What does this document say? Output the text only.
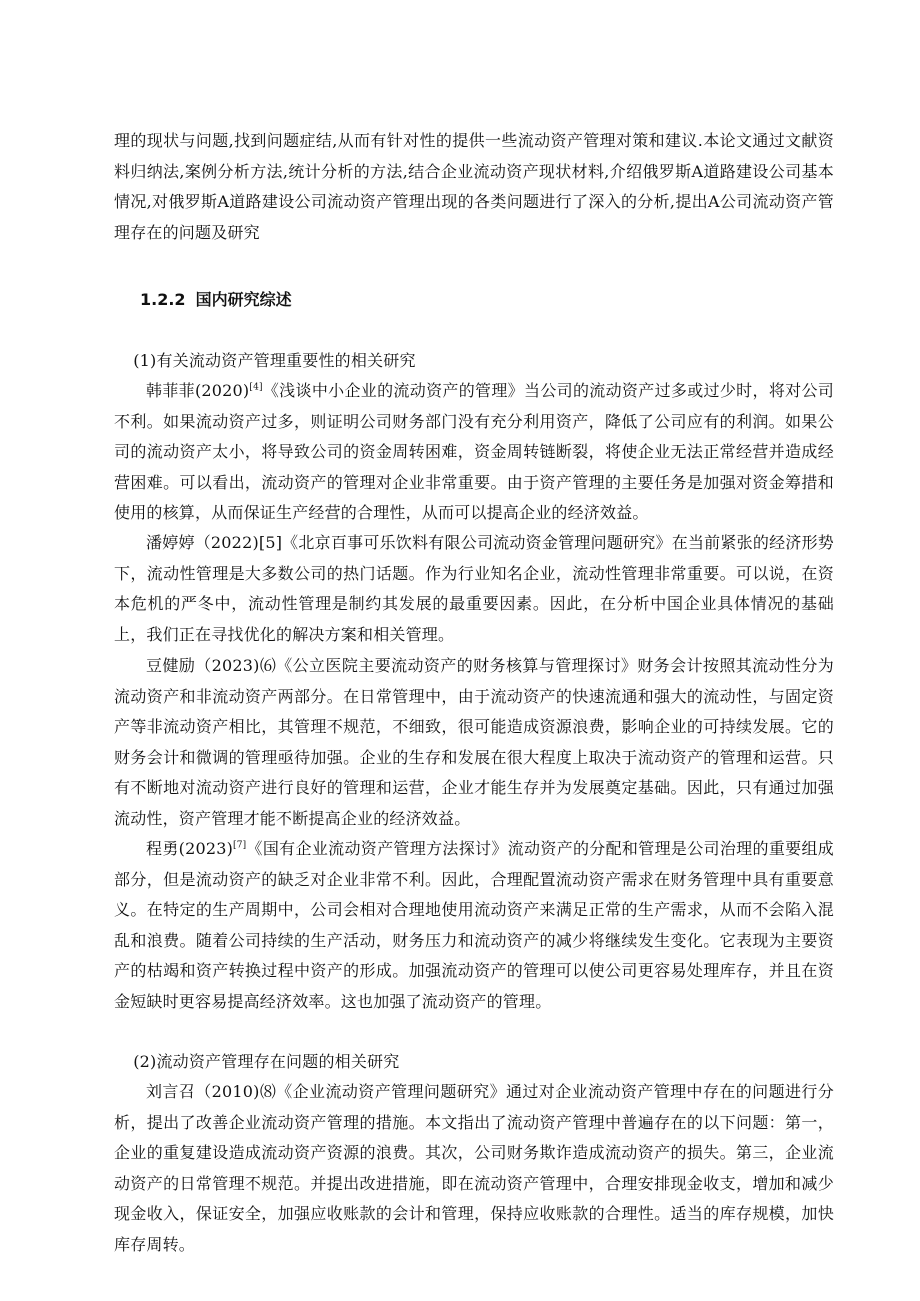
理的现状与问题,找到问题症结,从而有针对性的提供一些流动资产管理对策和建议.本论文通过文献资料归纳法,案例分析方法,统计分析的方法,结合企业流动资产现状材料,介绍俄罗斯A道路建设公司基本情况,对俄罗斯A道路建设公司流动资产管理出现的各类问题进行了深入的分析,提出A公司流动资产管理存在的问题及研究
1.2.2 国内研究综述
(1)有关流动资产管理重要性的相关研究
韩菲菲(2020)[4]《浅谈中小企业的流动资产的管理》当公司的流动资产过多或过少时，将对公司不利。如果流动资产过多，则证明公司财务部门没有充分利用资产，降低了公司应有的利润。如果公司的流动资产太小，将导致公司的资金周转困难，资金周转链断裂，将使企业无法正常经营并造成经营困难。可以看出，流动资产的管理对企业非常重要。由于资产管理的主要任务是加强对资金筹措和使用的核算，从而保证生产经营的合理性，从而可以提高企业的经济效益。
潘婷婷（2022)[5]《北京百事可乐饮料有限公司流动资金管理问题研究》在当前紧张的经济形势下，流动性管理是大多数公司的热门话题。作为行业知名企业，流动性管理非常重要。可以说，在资本危机的严冬中，流动性管理是制约其发展的最重要因素。因此，在分析中国企业具体情况的基础上，我们正在寻找优化的解决方案和相关管理。
豆健励（2023)⑹《公立医院主要流动资产的财务核算与管理探讨》财务会计按照其流动性分为流动资产和非流动资产两部分。在日常管理中，由于流动资产的快速流通和强大的流动性，与固定资产等非流动资产相比，其管理不规范，不细致，很可能造成资源浪费，影响企业的可持续发展。它的财务会计和微调的管理亟待加强。企业的生存和发展在很大程度上取决于流动资产的管理和运营。只有不断地对流动资产进行良好的管理和运营，企业才能生存并为发展奠定基础。因此，只有通过加强流动性，资产管理才能不断提高企业的经济效益。
程勇(2023)[7]《国有企业流动资产管理方法探讨》流动资产的分配和管理是公司治理的重要组成部分，但是流动资产的缺乏对企业非常不利。因此，合理配置流动资产需求在财务管理中具有重要意义。在特定的生产周期中，公司会相对合理地使用流动资产来满足正常的生产需求，从而不会陷入混乱和浪费。随着公司持续的生产活动，财务压力和流动资产的减少将继续发生变化。它表现为主要资产的枯竭和资产转换过程中资产的形成。加强流动资产的管理可以使公司更容易处理库存，并且在资金短缺时更容易提高经济效率。这也加强了流动资产的管理。
(2)流动资产管理存在问题的相关研究
刘言召（2010)⑻《企业流动资产管理问题研究》通过对企业流动资产管理中存在的问题进行分析，提出了改善企业流动资产管理的措施。本文指出了流动资产管理中普遍存在的以下问题：第一，企业的重复建设造成流动资产资源的浪费。其次，公司财务欺诈造成流动资产的损失。第三，企业流动资产的日常管理不规范。并提出改进措施，即在流动资产管理中，合理安排现金收支，增加和减少现金收入，保证安全，加强应收账款的会计和管理，保持应收账款的合理性。适当的库存规模，加快库存周转。
